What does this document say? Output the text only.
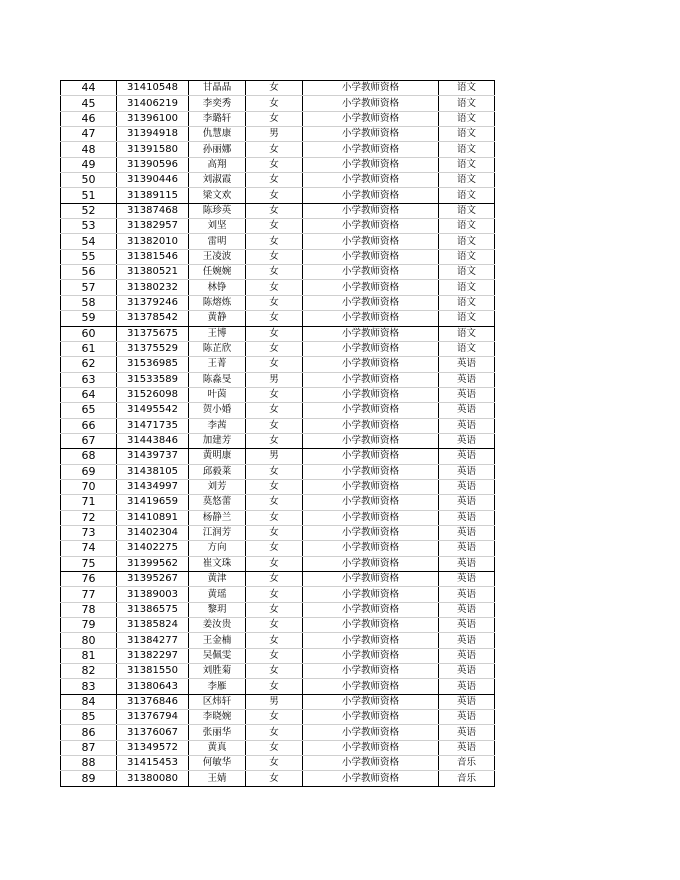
44	31410548	甘晶晶	女	小学教师资格	语文
45	31406219	李奕秀	女	小学教师资格	语文
46	31396100	李璐轩	女	小学教师资格	语文
47	31394918	仇慧康	男	小学教师资格	语文
48	31391580	孙丽娜	女	小学教师资格	语文
49	31390596	高翔	女	小学教师资格	语文
50	31390446	刘淑霞	女	小学教师资格	语文
51	31389115	梁文欢	女	小学教师资格	语文
52	31387468	陈珍英	女	小学教师资格	语文
53	31382957	刘坚	女	小学教师资格	语文
54	31382010	雷明	女	小学教师资格	语文
55	31381546	王凌波	女	小学教师资格	语文
56	31380521	任婉婉	女	小学教师资格	语文
57	31380232	林铮	女	小学教师资格	语文
58	31379246	陈熔炼	女	小学教师资格	语文
59	31378542	黄静	女	小学教师资格	语文
60	31375675	王博	女	小学教师资格	语文
61	31375529	陈芷欣	女	小学教师资格	语文
62	31536985	王菁	女	小学教师资格	英语
63	31533589	陈淼旻	男	小学教师资格	英语
64	31526098	叶茵	女	小学教师资格	英语
65	31495542	贺小婚	女	小学教师资格	英语
66	31471735	李茜	女	小学教师资格	英语
67	31443846	加建芳	女	小学教师资格	英语
68	31439737	黄明康	男	小学教师资格	英语
69	31438105	邱毅莱	女	小学教师资格	英语
70	31434997	刘芳	女	小学教师资格	英语
71	31419659	莫悠蕾	女	小学教师资格	英语
72	31410891	杨静兰	女	小学教师资格	英语
73	31402304	江润芳	女	小学教师资格	英语
74	31402275	方向	女	小学教师资格	英语
75	31399562	崔文珠	女	小学教师资格	英语
76	31395267	黄津	女	小学教师资格	英语
77	31389003	黄瑶	女	小学教师资格	英语
78	31386575	黎玥	女	小学教师资格	英语
79	31385824	姜汝贵	女	小学教师资格	英语
80	31384277	王金楠	女	小学教师资格	英语
81	31382297	吴佩雯	女	小学教师资格	英语
82	31381550	刘胜菊	女	小学教师资格	英语
83	31380643	李雁	女	小学教师资格	英语
84	31376846	区炜轩	男	小学教师资格	英语
85	31376794	李晓婉	女	小学教师资格	英语
86	31376067	张丽华	女	小学教师资格	英语
87	31349572	黄真	女	小学教师资格	英语
88	31415453	何敏华	女	小学教师资格	音乐
89	31380080	王婧	女	小学教师资格	音乐
